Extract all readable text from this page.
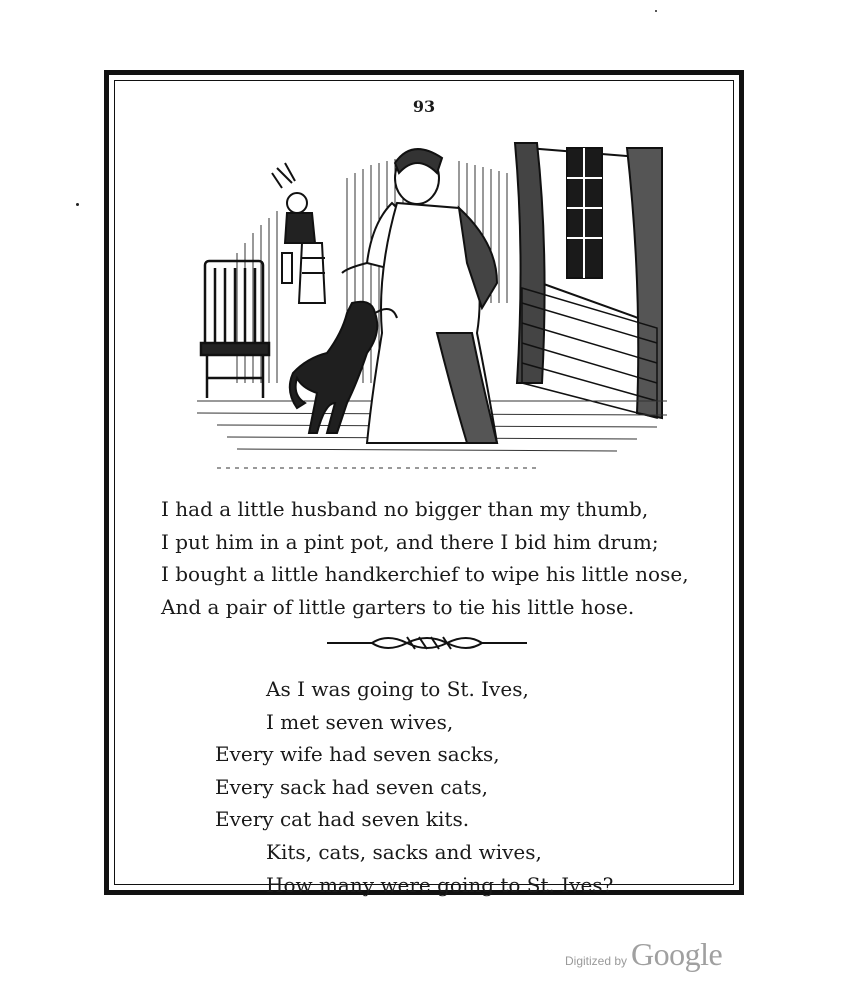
93
I had a little husband no bigger than my thumb,
I put him in a pint pot, and there I bid him drum;
I bought a little handkerchief to wipe his little nose,
And a pair of little garters to tie his little hose.
As I was going to St. Ives,
I met seven wives,
Every wife had seven sacks,
Every sack had seven cats,
Every cat had seven kits.
Kits, cats, sacks and wives,
How many were going to St. Ives?
Digitized by Google
